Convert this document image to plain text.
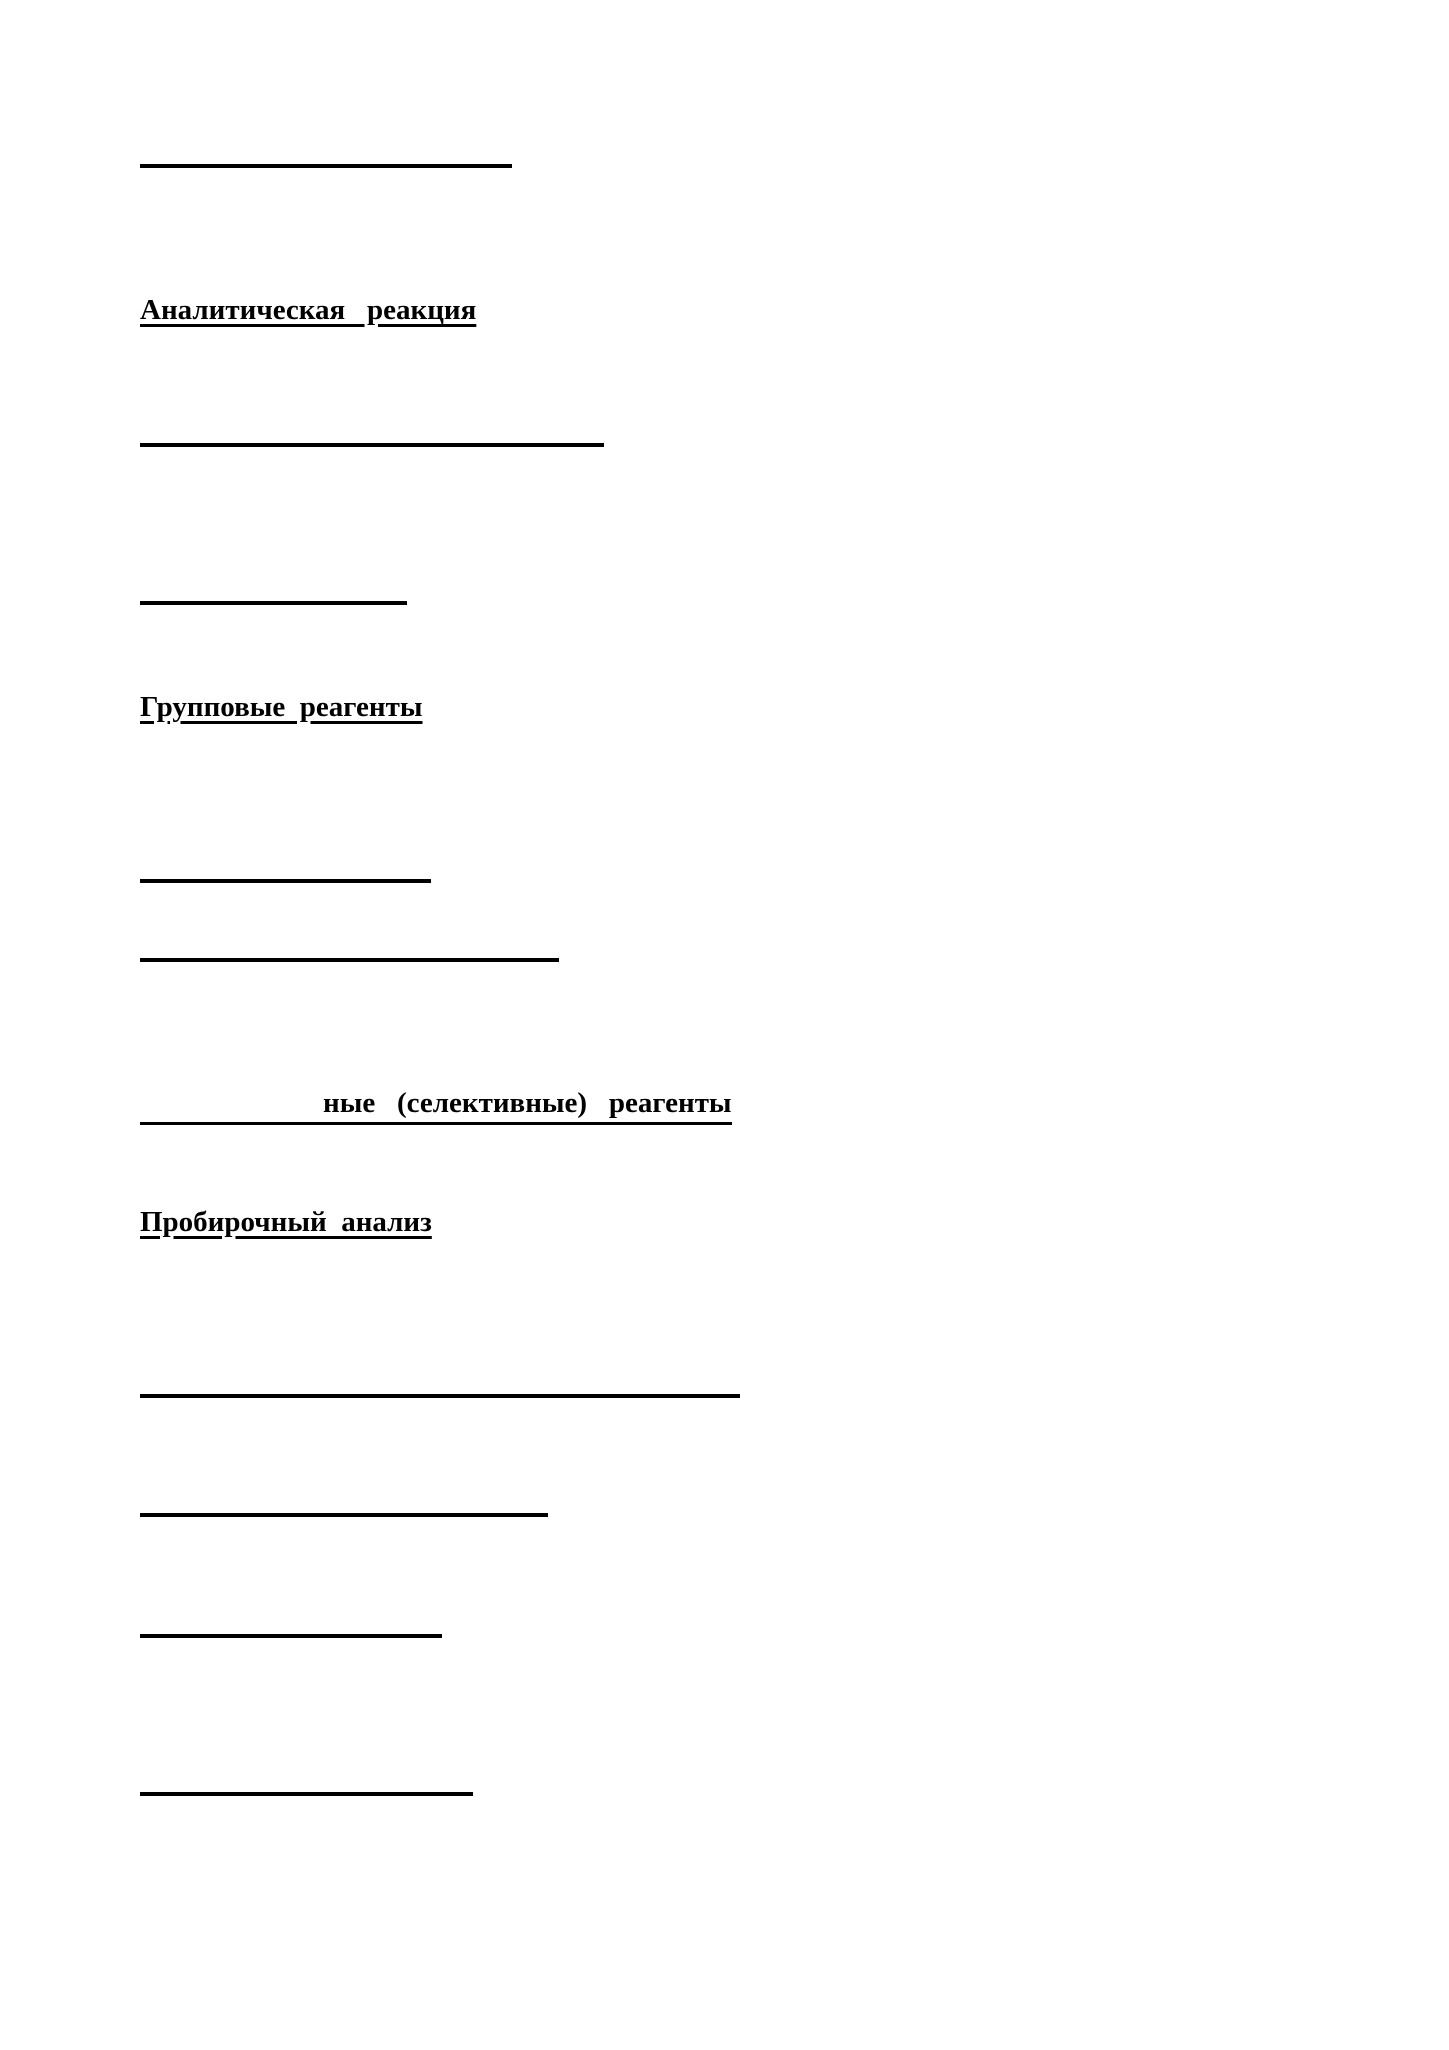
Аналитическая   реакция
Групповые  реагенты
ные   (селективные)   реагенты
Пробирочный  анализ
